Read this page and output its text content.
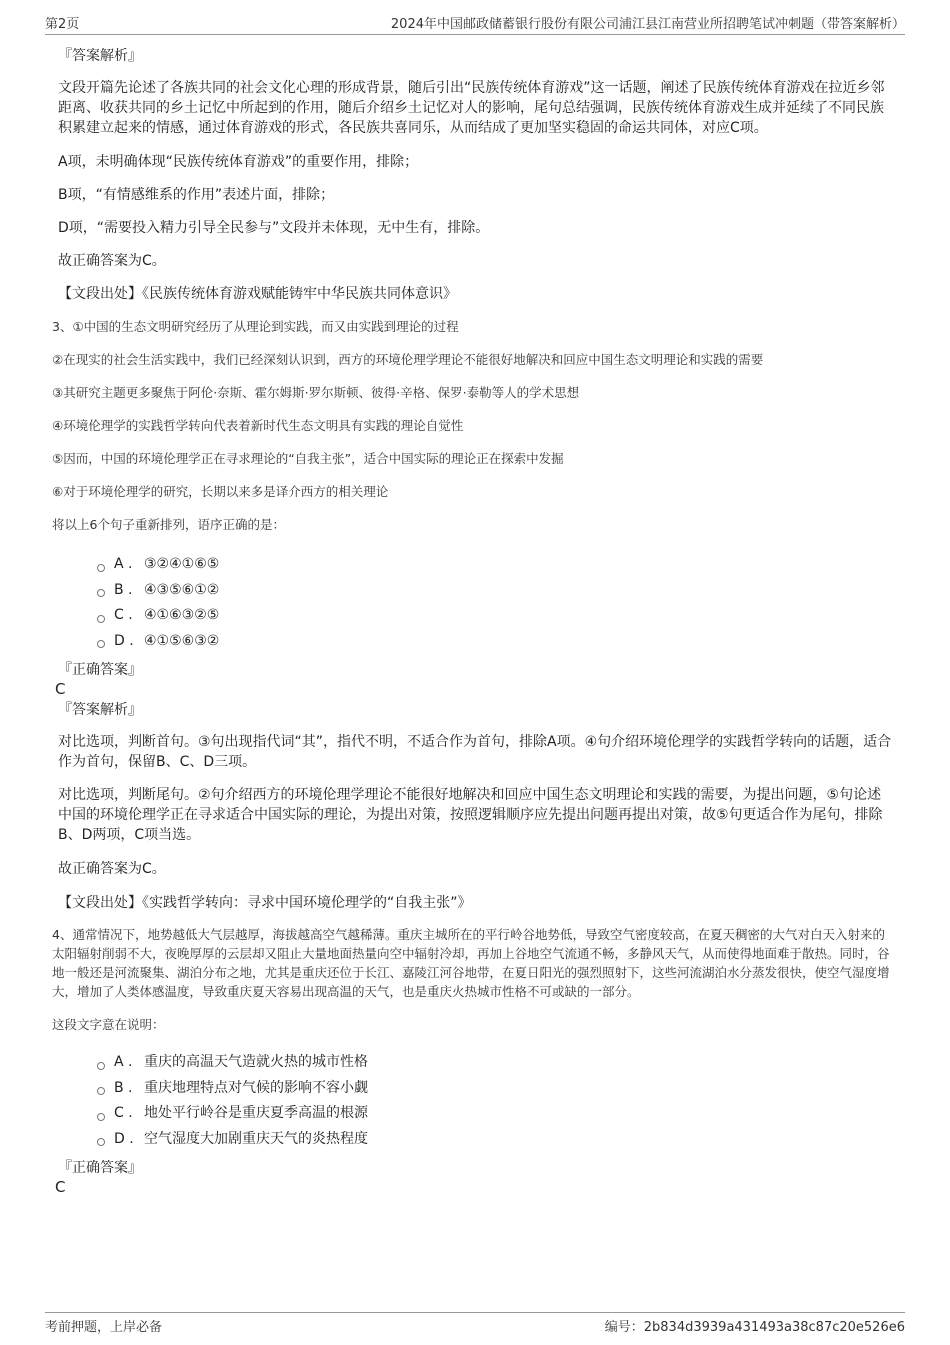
第2页	2024年中国邮政储蓄银行股份有限公司浦江县江南营业所招聘笔试冲刺题（带答案解析）

『答案解析』

文段开篇先论述了各族共同的社会文化心理的形成背景，随后引出“民族传统体育游戏”这一话题，阐述了民族传统体育游戏在拉近乡邻距离、收获共同的乡土记忆中所起到的作用，随后介绍乡土记忆对人的影响，尾句总结强调，民族传统体育游戏生成并延续了不同民族积累建立起来的情感，通过体育游戏的形式，各民族共喜同乐，从而结成了更加坚实稳固的命运共同体，对应C项。

A项，未明确体现“民族传统体育游戏”的重要作用，排除；

B项，“有情感维系的作用”表述片面，排除；

D项，“需要投入精力引导全民参与”文段并未体现，无中生有，排除。

故正确答案为C。

【文段出处】《民族传统体育游戏赋能铸牢中华民族共同体意识》

3、①中国的生态文明研究经历了从理论到实践，而又由实践到理论的过程

②在现实的社会生活实践中，我们已经深刻认识到，西方的环境伦理学理论不能很好地解决和回应中国生态文明理论和实践的需要

③其研究主题更多聚焦于阿伦·奈斯、霍尔姆斯·罗尔斯顿、彼得·辛格、保罗·泰勒等人的学术思想

④环境伦理学的实践哲学转向代表着新时代生态文明具有实践的理论自觉性

⑤因而，中国的环境伦理学正在寻求理论的“自我主张”，适合中国实际的理论正在探索中发掘

⑥对于环境伦理学的研究，长期以来多是译介西方的相关理论

将以上6个句子重新排列，语序正确的是：

A . ③②④①⑥⑤
B . ④③⑤⑥①②
C . ④①⑥③②⑤
D . ④①⑤⑥③②

『正确答案』

C

『答案解析』

对比选项，判断首句。③句出现指代词“其”，指代不明，不适合作为首句，排除A项。④句介绍环境伦理学的实践哲学转向的话题，适合作为首句，保留B、C、D三项。

对比选项，判断尾句。②句介绍西方的环境伦理学理论不能很好地解决和回应中国生态文明理论和实践的需要，为提出问题，⑤句论述中国的环境伦理学正在寻求适合中国实际的理论，为提出对策，按照逻辑顺序应先提出问题再提出对策，故⑤句更适合作为尾句，排除B、D两项，C项当选。

故正确答案为C。

【文段出处】《实践哲学转向：寻求中国环境伦理学的“自我主张”》

4、通常情况下，地势越低大气层越厚，海拔越高空气越稀薄。重庆主城所在的平行岭谷地势低，导致空气密度较高，在夏天稠密的大气对白天入射来的太阳辐射削弱不大，夜晚厚厚的云层却又阻止大量地面热量向空中辐射冷却，再加上谷地空气流通不畅，多静风天气，从而使得地面难于散热。同时，谷地一般还是河流聚集、湖泊分布之地，尤其是重庆还位于长江、嘉陵江河谷地带，在夏日阳光的强烈照射下，这些河流湖泊水分蒸发很快，使空气湿度增大，增加了人类体感温度，导致重庆夏天容易出现高温的天气，也是重庆火热城市性格不可或缺的一部分。

这段文字意在说明：

A . 重庆的高温天气造就火热的城市性格
B . 重庆地理特点对气候的影响不容小觑
C . 地处平行岭谷是重庆夏季高温的根源
D . 空气湿度大加剧重庆天气的炎热程度

『正确答案』

C

考前押题，上岸必备	编号：2b834d3939a431493a38c87c20e526e6
